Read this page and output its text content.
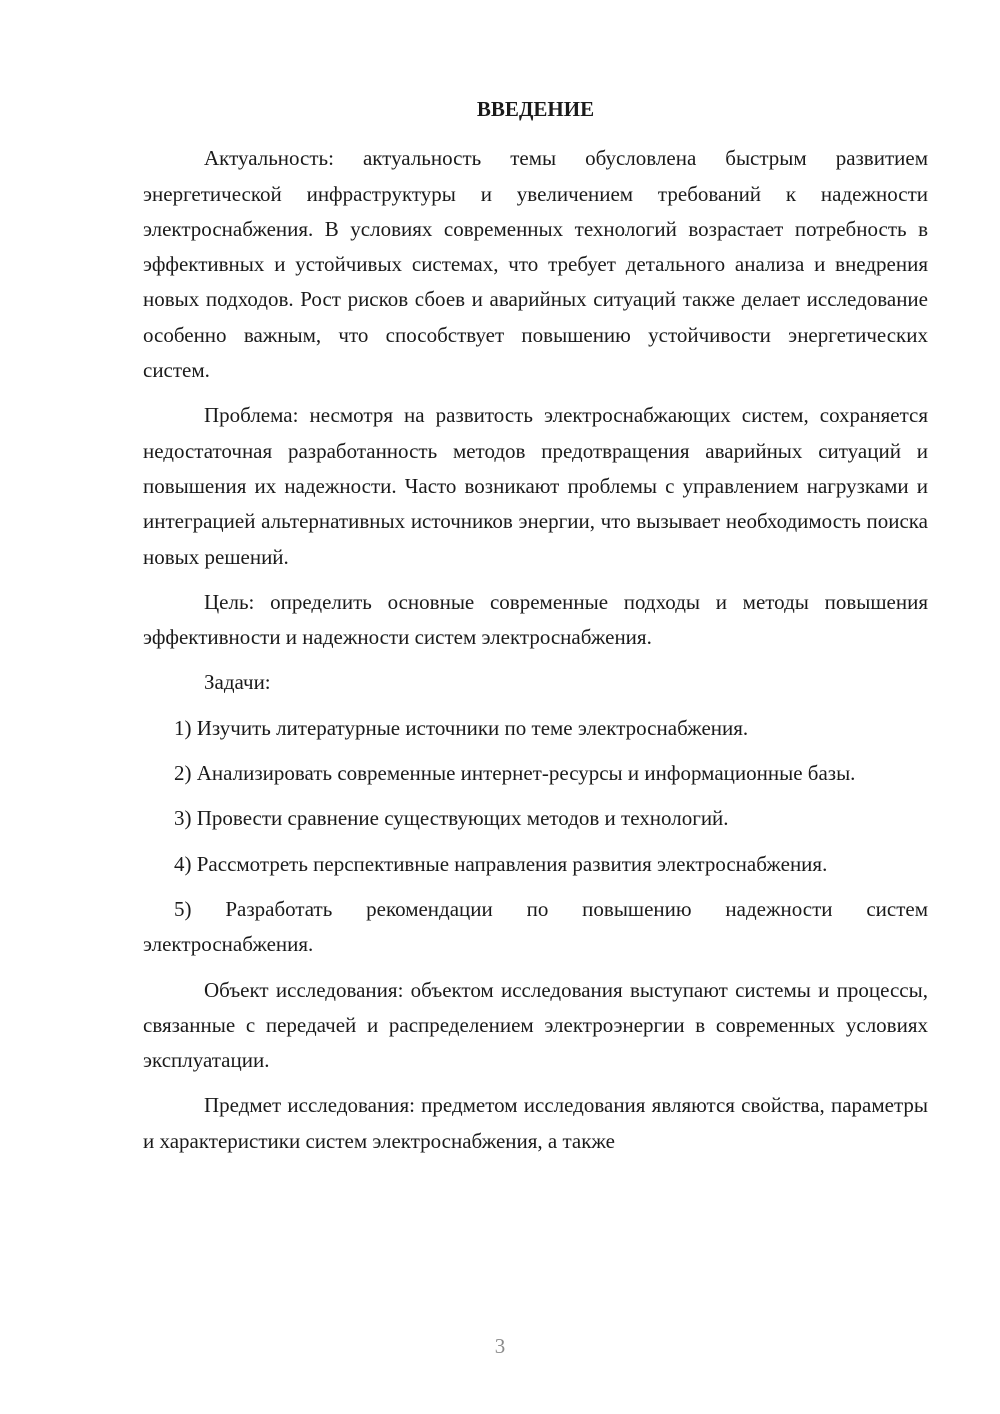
ВВЕДЕНИЕ

Актуальность: актуальность темы обусловлена быстрым развитием энергетической инфраструктуры и увеличением требований к надежности электроснабжения. В условиях современных технологий возрастает потребность в эффективных и устойчивых системах, что требует детального анализа и внедрения новых подходов. Рост рисков сбоев и аварийных ситуаций также делает исследование особенно важным, что способствует повышению устойчивости энергетических систем.

Проблема: несмотря на развитость электроснабжающих систем, сохраняется недостаточная разработанность методов предотвращения аварийных ситуаций и повышения их надежности. Часто возникают проблемы с управлением нагрузками и интеграцией альтернативных источников энергии, что вызывает необходимость поиска новых решений.

Цель: определить основные современные подходы и методы повышения эффективности и надежности систем электроснабжения.

Задачи:

1) Изучить литературные источники по теме электроснабжения.

2) Анализировать современные интернет-ресурсы и информационные базы.

3) Провести сравнение существующих методов и технологий.

4) Рассмотреть перспективные направления развития электроснабжения.

5) Разработать рекомендации по повышению надежности систем электроснабжения.

Объект исследования: объектом исследования выступают системы и процессы, связанные с передачей и распределением электроэнергии в современных условиях эксплуатации.

Предмет исследования: предметом исследования являются свойства, параметры и характеристики систем электроснабжения, а также

3
